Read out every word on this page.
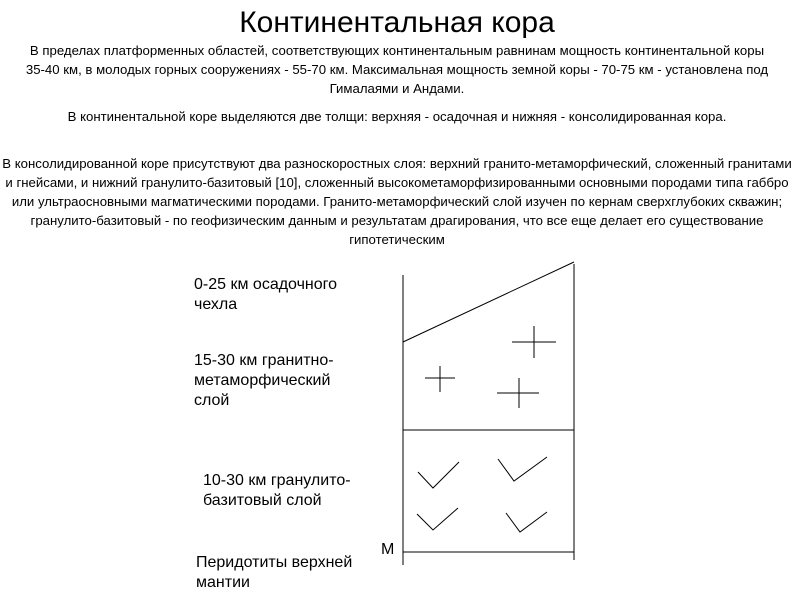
Континентальная кора
В пределах платформенных областей, соответствующих континентальным равнинам мощность континентальной коры 35-40 км, в молодых горных сооружениях - 55-70 км. Максимальная мощность земной коры - 70-75 км - установлена под Гималаями и Андами.
В континентальной коре выделяются две толщи: верхняя - осадочная и нижняя - консолидированная кора.
В консолидированной коре присутствуют два разноскоростных слоя: верхний гранито-метаморфический, сложенный гранитами и гнейсами, и нижний гранулито-базитовый [10], сложенный высокометаморфизированными основными породами типа габбро или ультраосновными магматическими породами. Гранито-метаморфический слой изучен по кернам сверхглубоких скважин; гранулито-базитовый - по геофизическим данным и результатам драгирования, что все еще делает его существование гипотетическим
0-25 км осадочного
чехла
15-30 км гранитно-
метаморфический
слой
10-30 км гранулито-
базитовый слой
Перидотиты верхней
мантии
М
